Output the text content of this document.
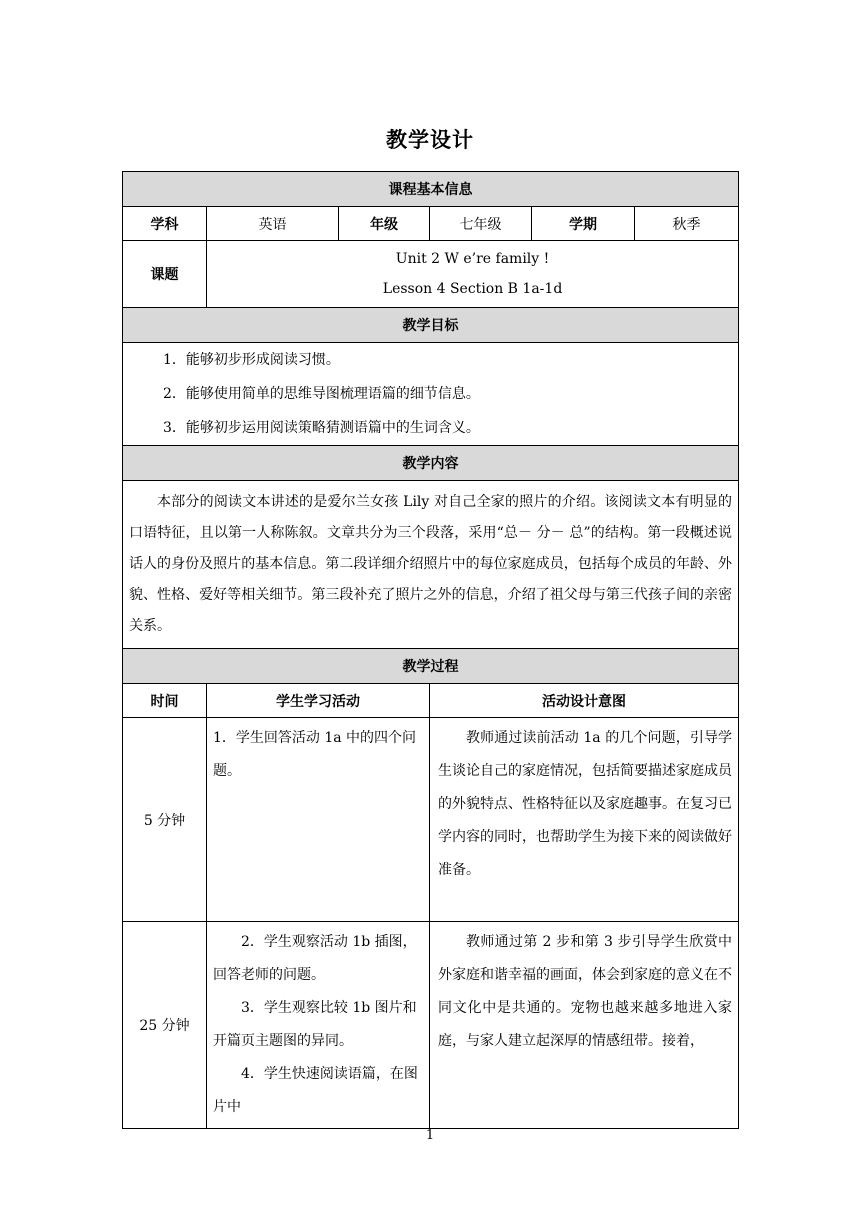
教学设计
课程基本信息					
学科	英语	年级	七年级	学期	秋季
课题	Unit 2 W e’re family !
Lesson 4 Section B 1a-1d				

教学目标					

1．能够初步形成阅读习惯。
2．能够使用简单的思维导图梳理语篇的细节信息。
3．能够初步运用阅读策略猜测语篇中的生词含义。					

教学内容					
本部分的阅读文本讲述的是爱尔兰女孩 Lily 对自己全家的照片的介绍。该阅读文本有明显的口语特征，且以第一人称陈叙。文章共分为三个段落，采用“总－ 分－ 总”的结构。第一段概述说话人的身份及照片的基本信息。第二段详细介绍照片中的每位家庭成员，包括每个成员的年龄、外貌、性格、爱好等相关细节。第三段补充了照片之外的信息，介绍了祖父母与第三代孩子间的亲密关系。					
教学过程					
时间	学生学习活动		活动设计意图		
5 分钟	1．学生回答活动 1a 中的四个问题。		教师通过读前活动 1a 的几个问题，引导学生谈论自己的家庭情况，包括简要描述家庭成员的外貌特点、性格特征以及家庭趣事。在复习已学内容的同时，也帮助学生为接下来的阅读做好准备。		
25 分钟	2．学生观察活动 1b 插图，回答老师的问题。

3．学生观察比较 1b 图片和开篇页主题图的异同。

4．学生快速阅读语篇，在图片中		教师通过第 2 步和第 3 步引导学生欣赏中外家庭和谐幸福的画面，体会到家庭的意义在不同文化中是共通的。宠物也越来越多地进入家庭，与家人建立起深厚的情感纽带。接着，		
1
